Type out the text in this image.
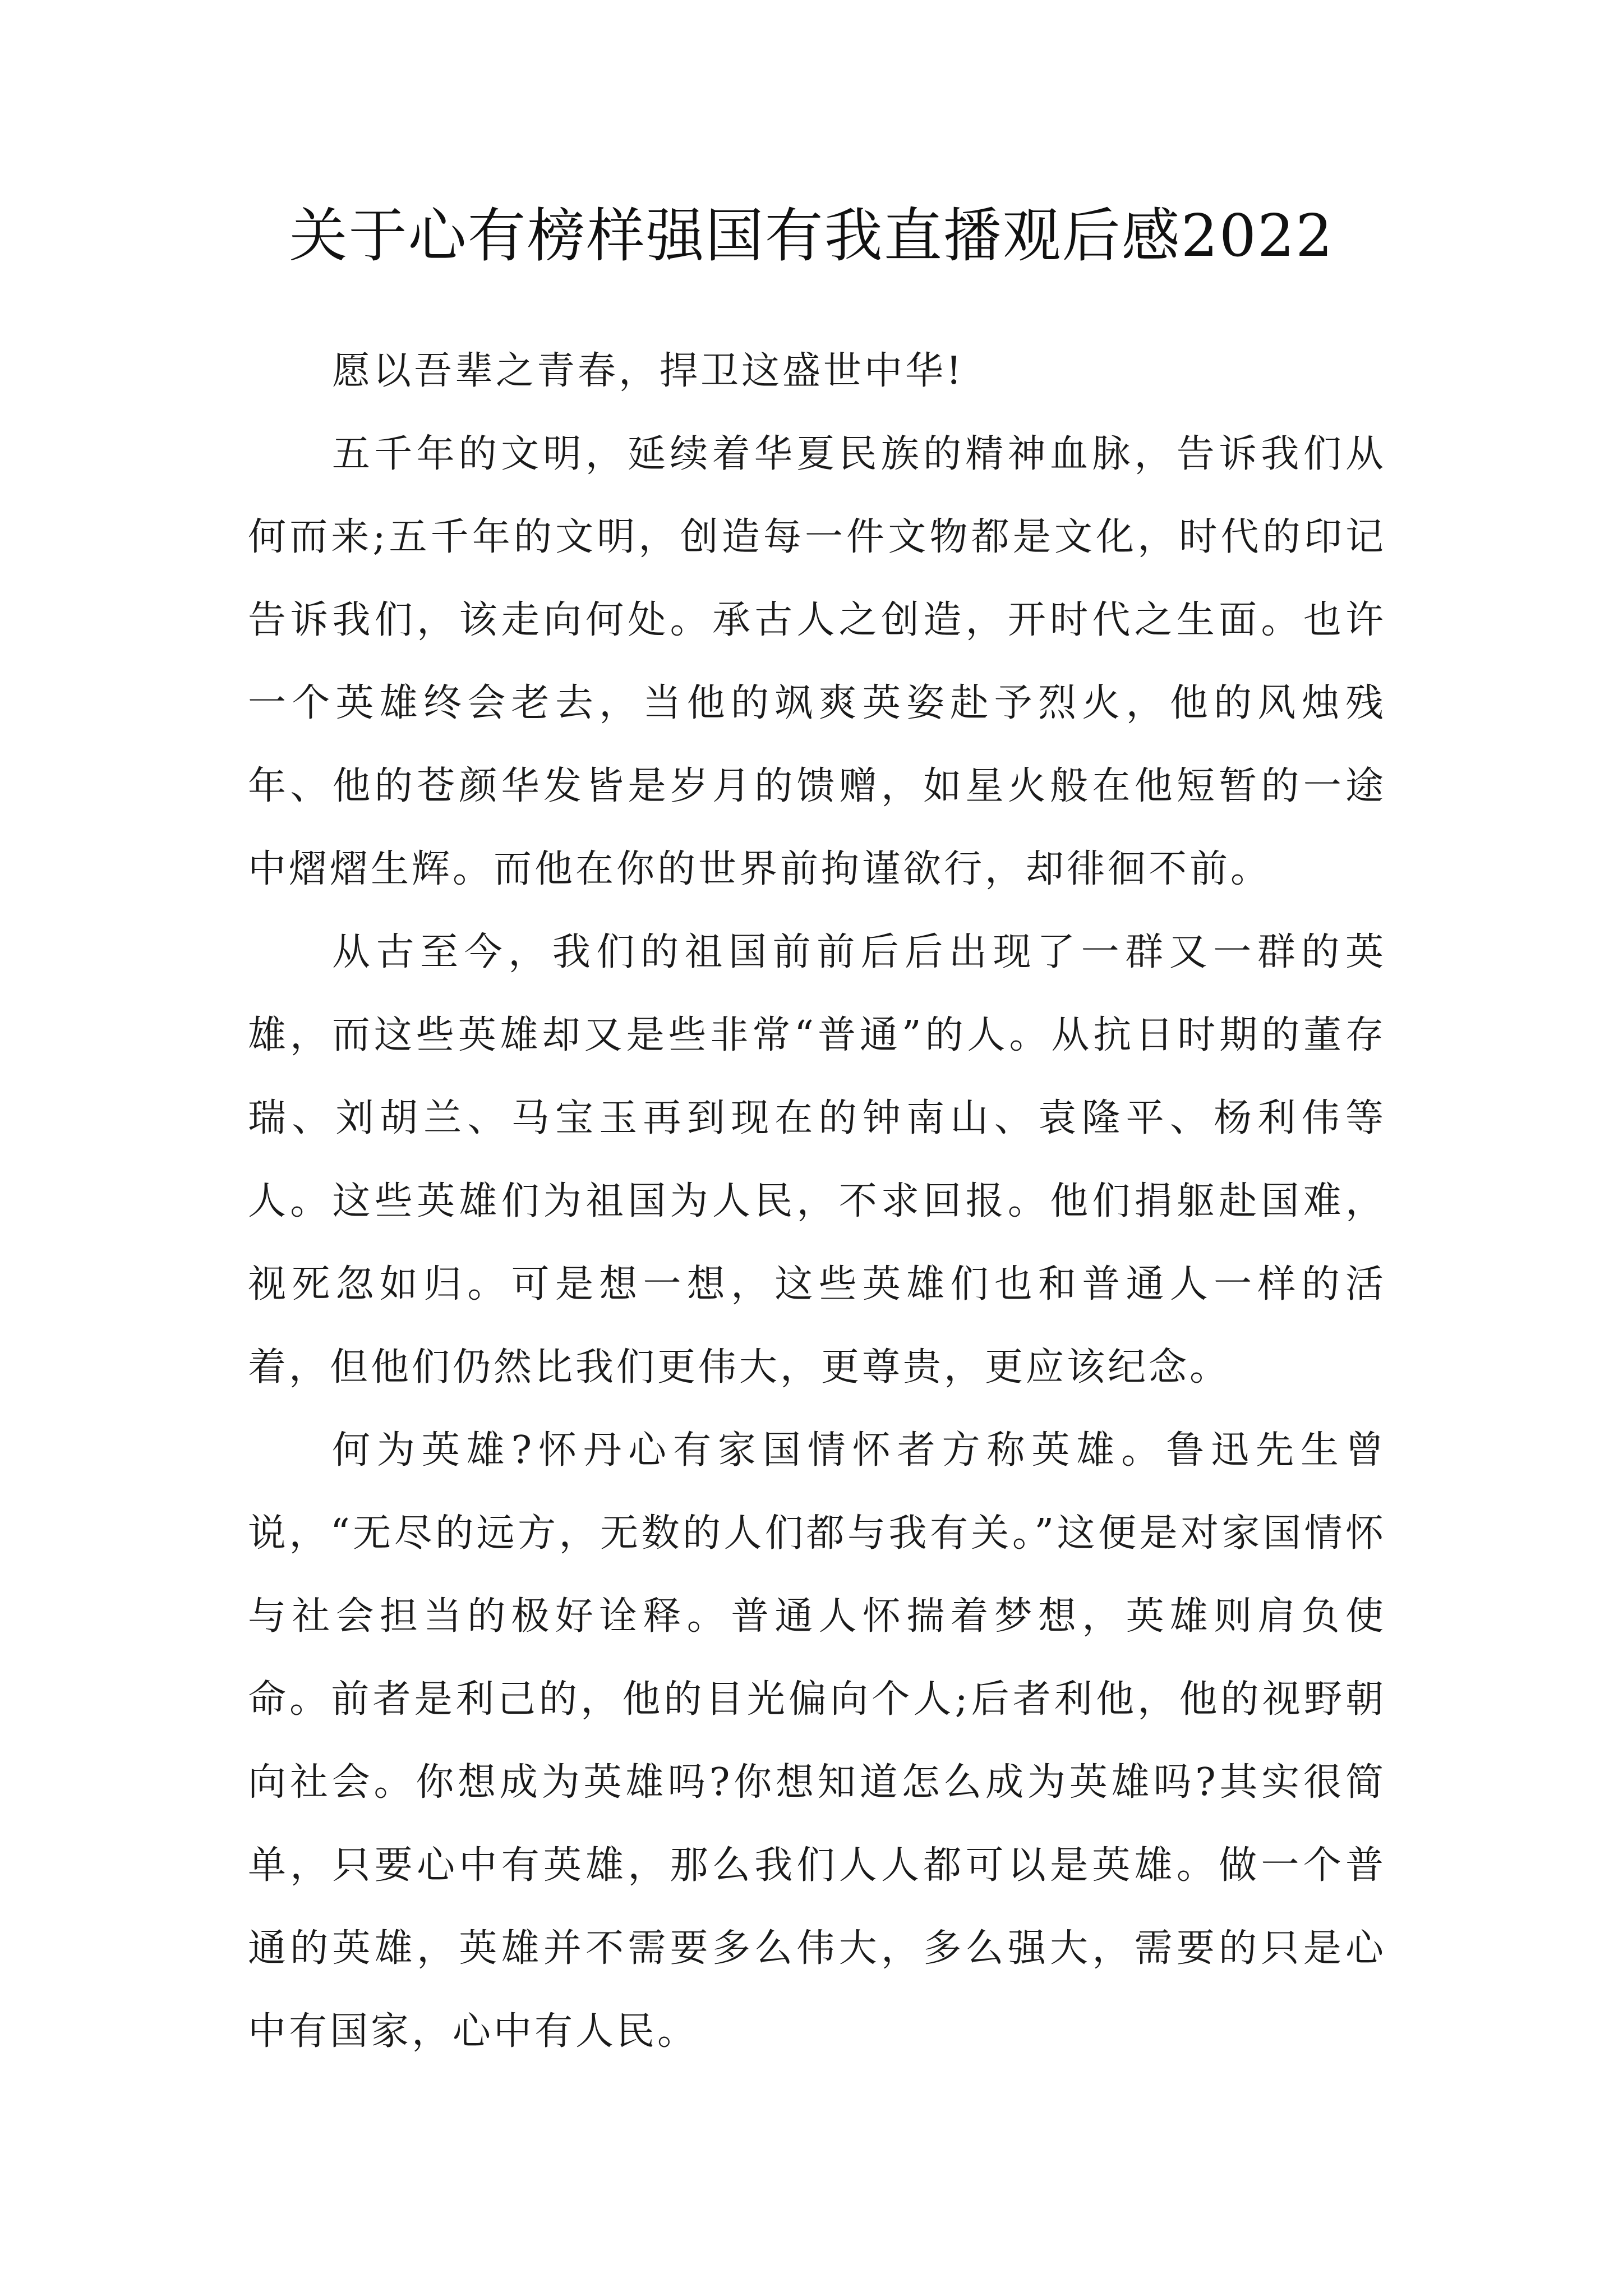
关于心有榜样强国有我直播观后感2022

愿以吾辈之青春，捍卫这盛世中华!

五千年的文明，延续着华夏民族的精神血脉，告诉我们从何而来;五千年的文明，创造每一件文物都是文化，时代的印记告诉我们，该走向何处。承古人之创造，开时代之生面。也许一个英雄终会老去，当他的飒爽英姿赴予烈火，他的风烛残年、他的苍颜华发皆是岁月的馈赠，如星火般在他短暂的一途中熠熠生辉。而他在你的世界前拘谨欲行，却徘徊不前。

从古至今，我们的祖国前前后后出现了一群又一群的英雄，而这些英雄却又是些非常“普通”的人。从抗日时期的董存瑞、刘胡兰、马宝玉再到现在的钟南山、袁隆平、杨利伟等人。这些英雄们为祖国为人民，不求回报。他们捐躯赴国难，视死忽如归。可是想一想，这些英雄们也和普通人一样的活着，但他们仍然比我们更伟大，更尊贵，更应该纪念。

何为英雄?怀丹心有家国情怀者方称英雄。鲁迅先生曾说，“无尽的远方，无数的人们都与我有关。”这便是对家国情怀与社会担当的极好诠释。普通人怀揣着梦想，英雄则肩负使命。前者是利己的，他的目光偏向个人;后者利他，他的视野朝向社会。你想成为英雄吗?你想知道怎么成为英雄吗?其实很简单，只要心中有英雄，那么我们人人都可以是英雄。做一个普通的英雄，英雄并不需要多么伟大，多么强大，需要的只是心中有国家，心中有人民。
